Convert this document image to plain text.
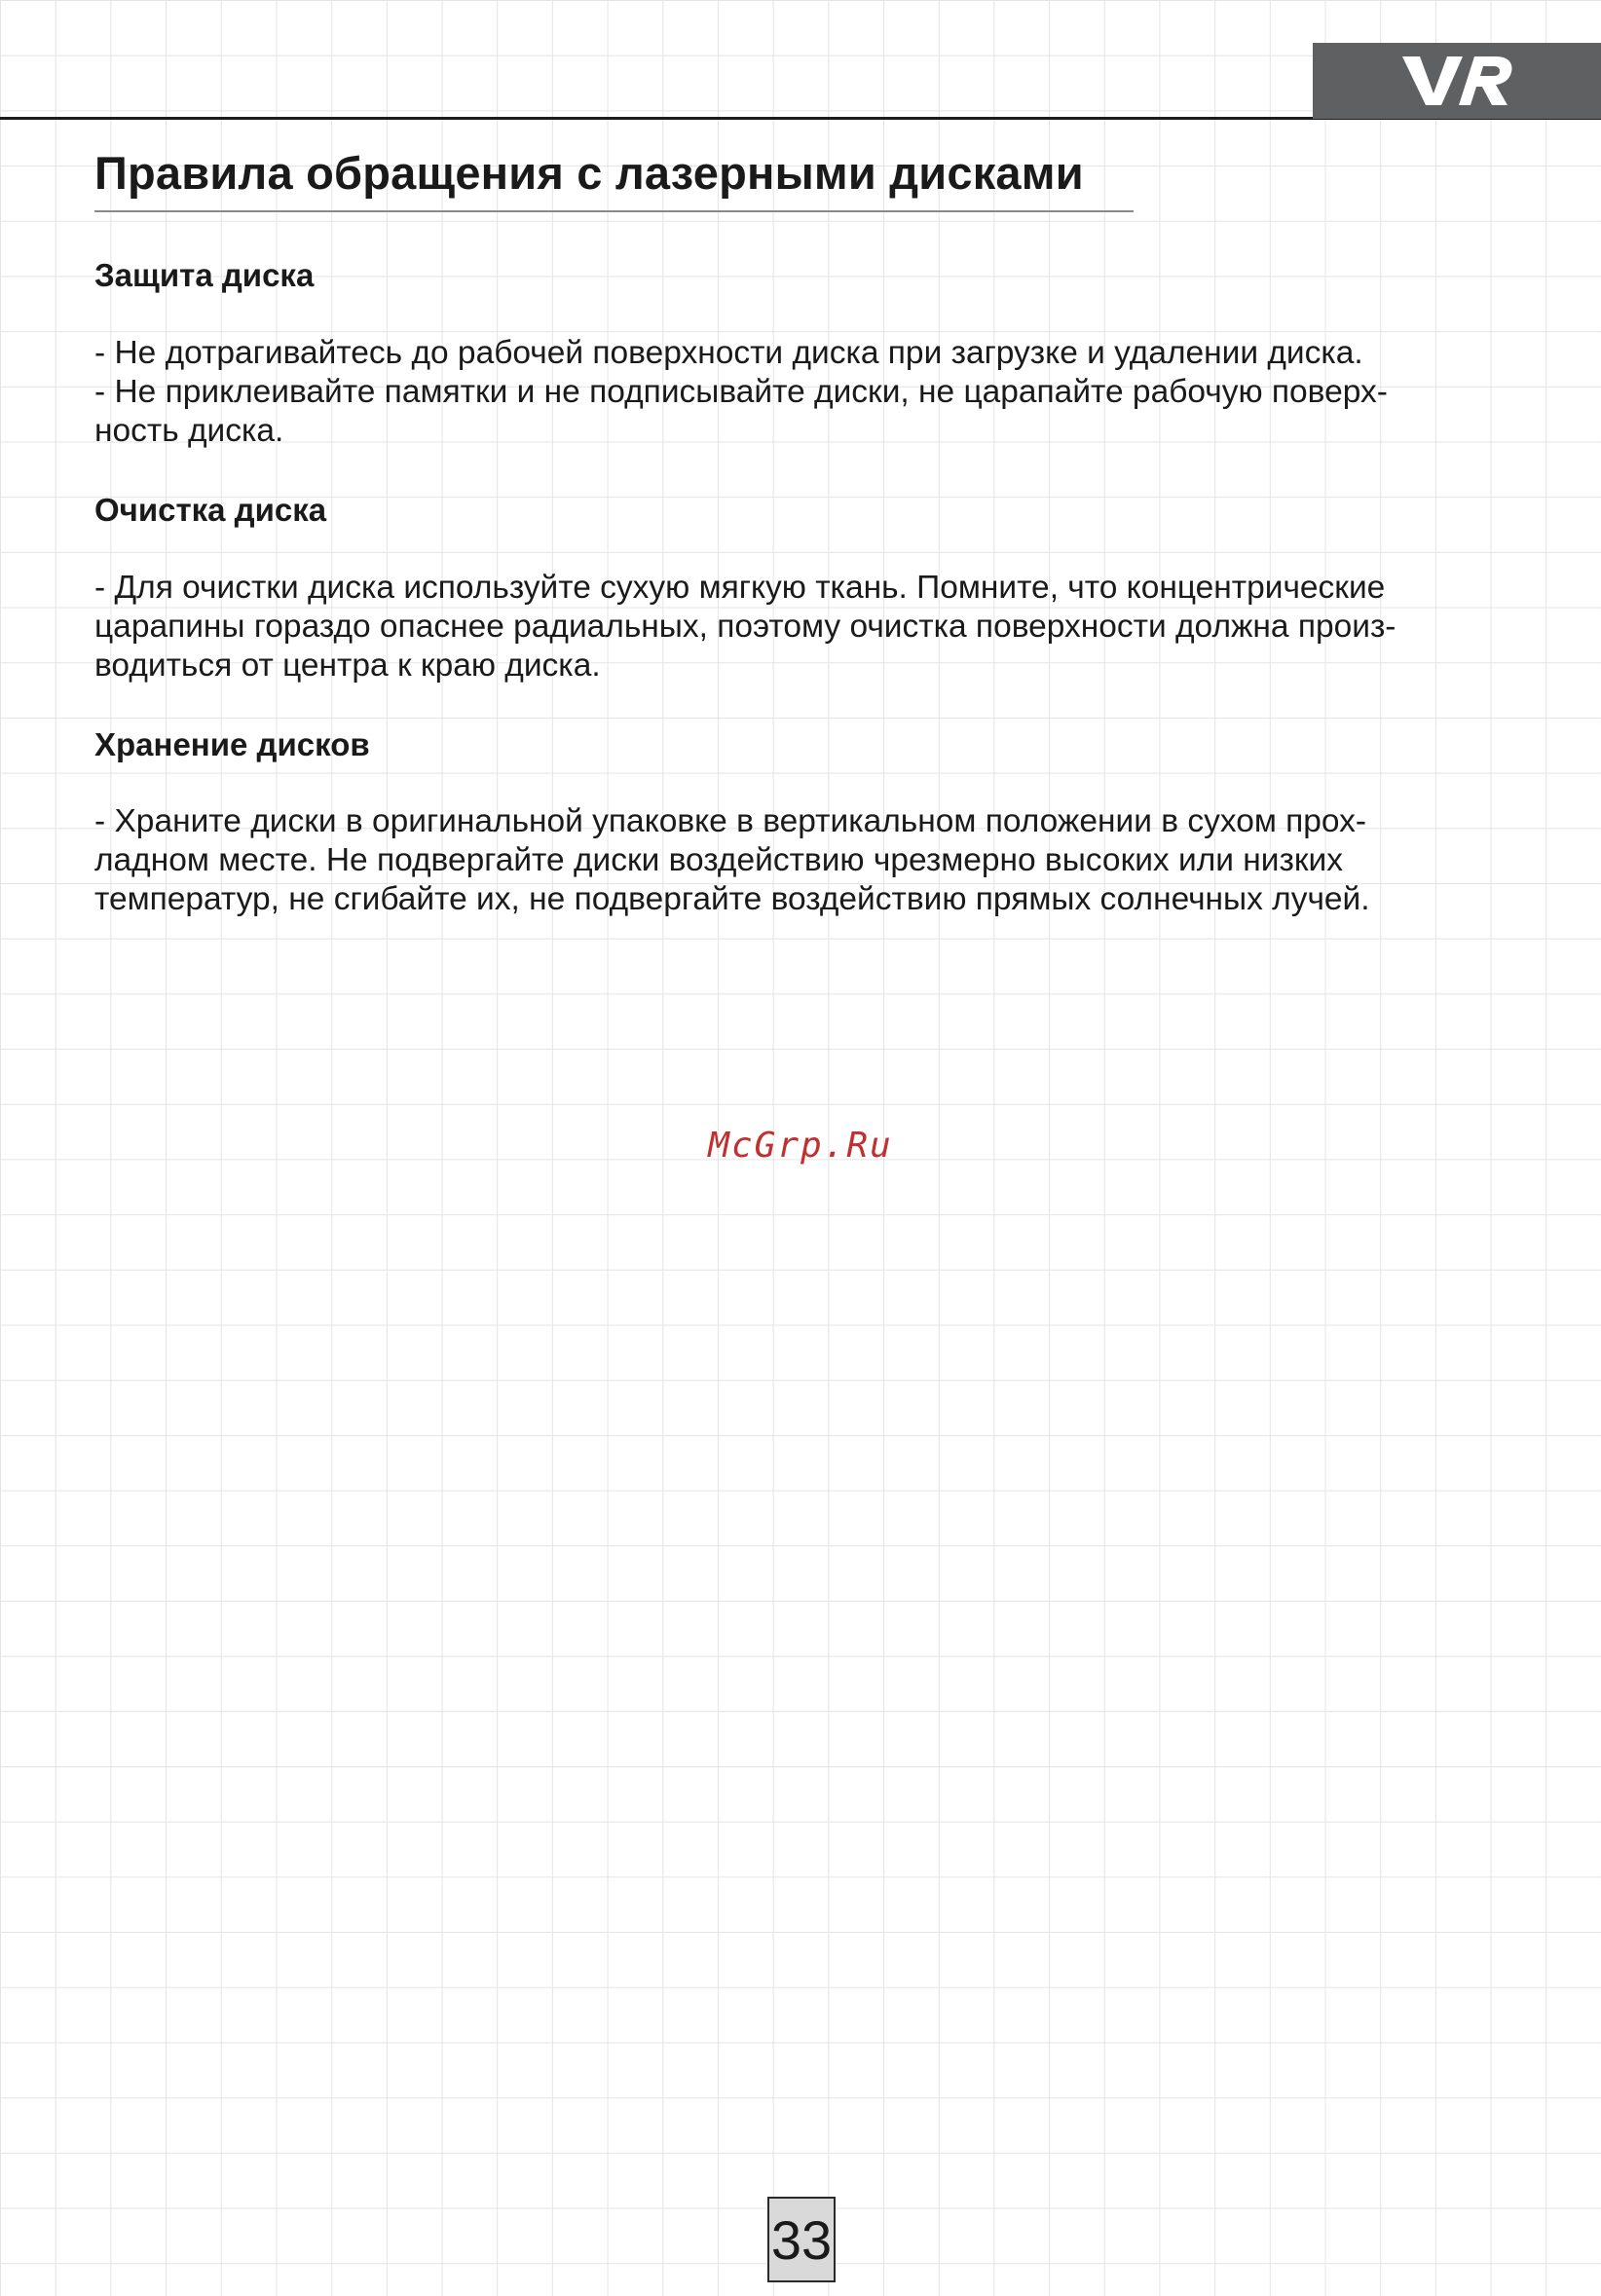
Правила обращения с лазерными дисками
Защита диска

- Не дотрагивайтесь до рабочей поверхности диска при загрузке и удалении диска.
- Не приклеивайте памятки и не подписывайте диски, не царапайте рабочую поверх-
ность диска.

Очистка диска

- Для очистки диска используйте сухую мягкую ткань. Помните, что концентрические
царапины гораздо опаснее радиальных, поэтому очистка поверхности должна произ-
водиться от центра к краю диска.

Хранение дисков

- Храните диски в оригинальной упаковке в вертикальном положении в сухом прох-
ладном месте. Не подвергайте диски воздействию чрезмерно высоких или низких
температур, не сгибайте их, не подвергайте воздействию прямых солнечных лучей.

McGrp.Ru
33
